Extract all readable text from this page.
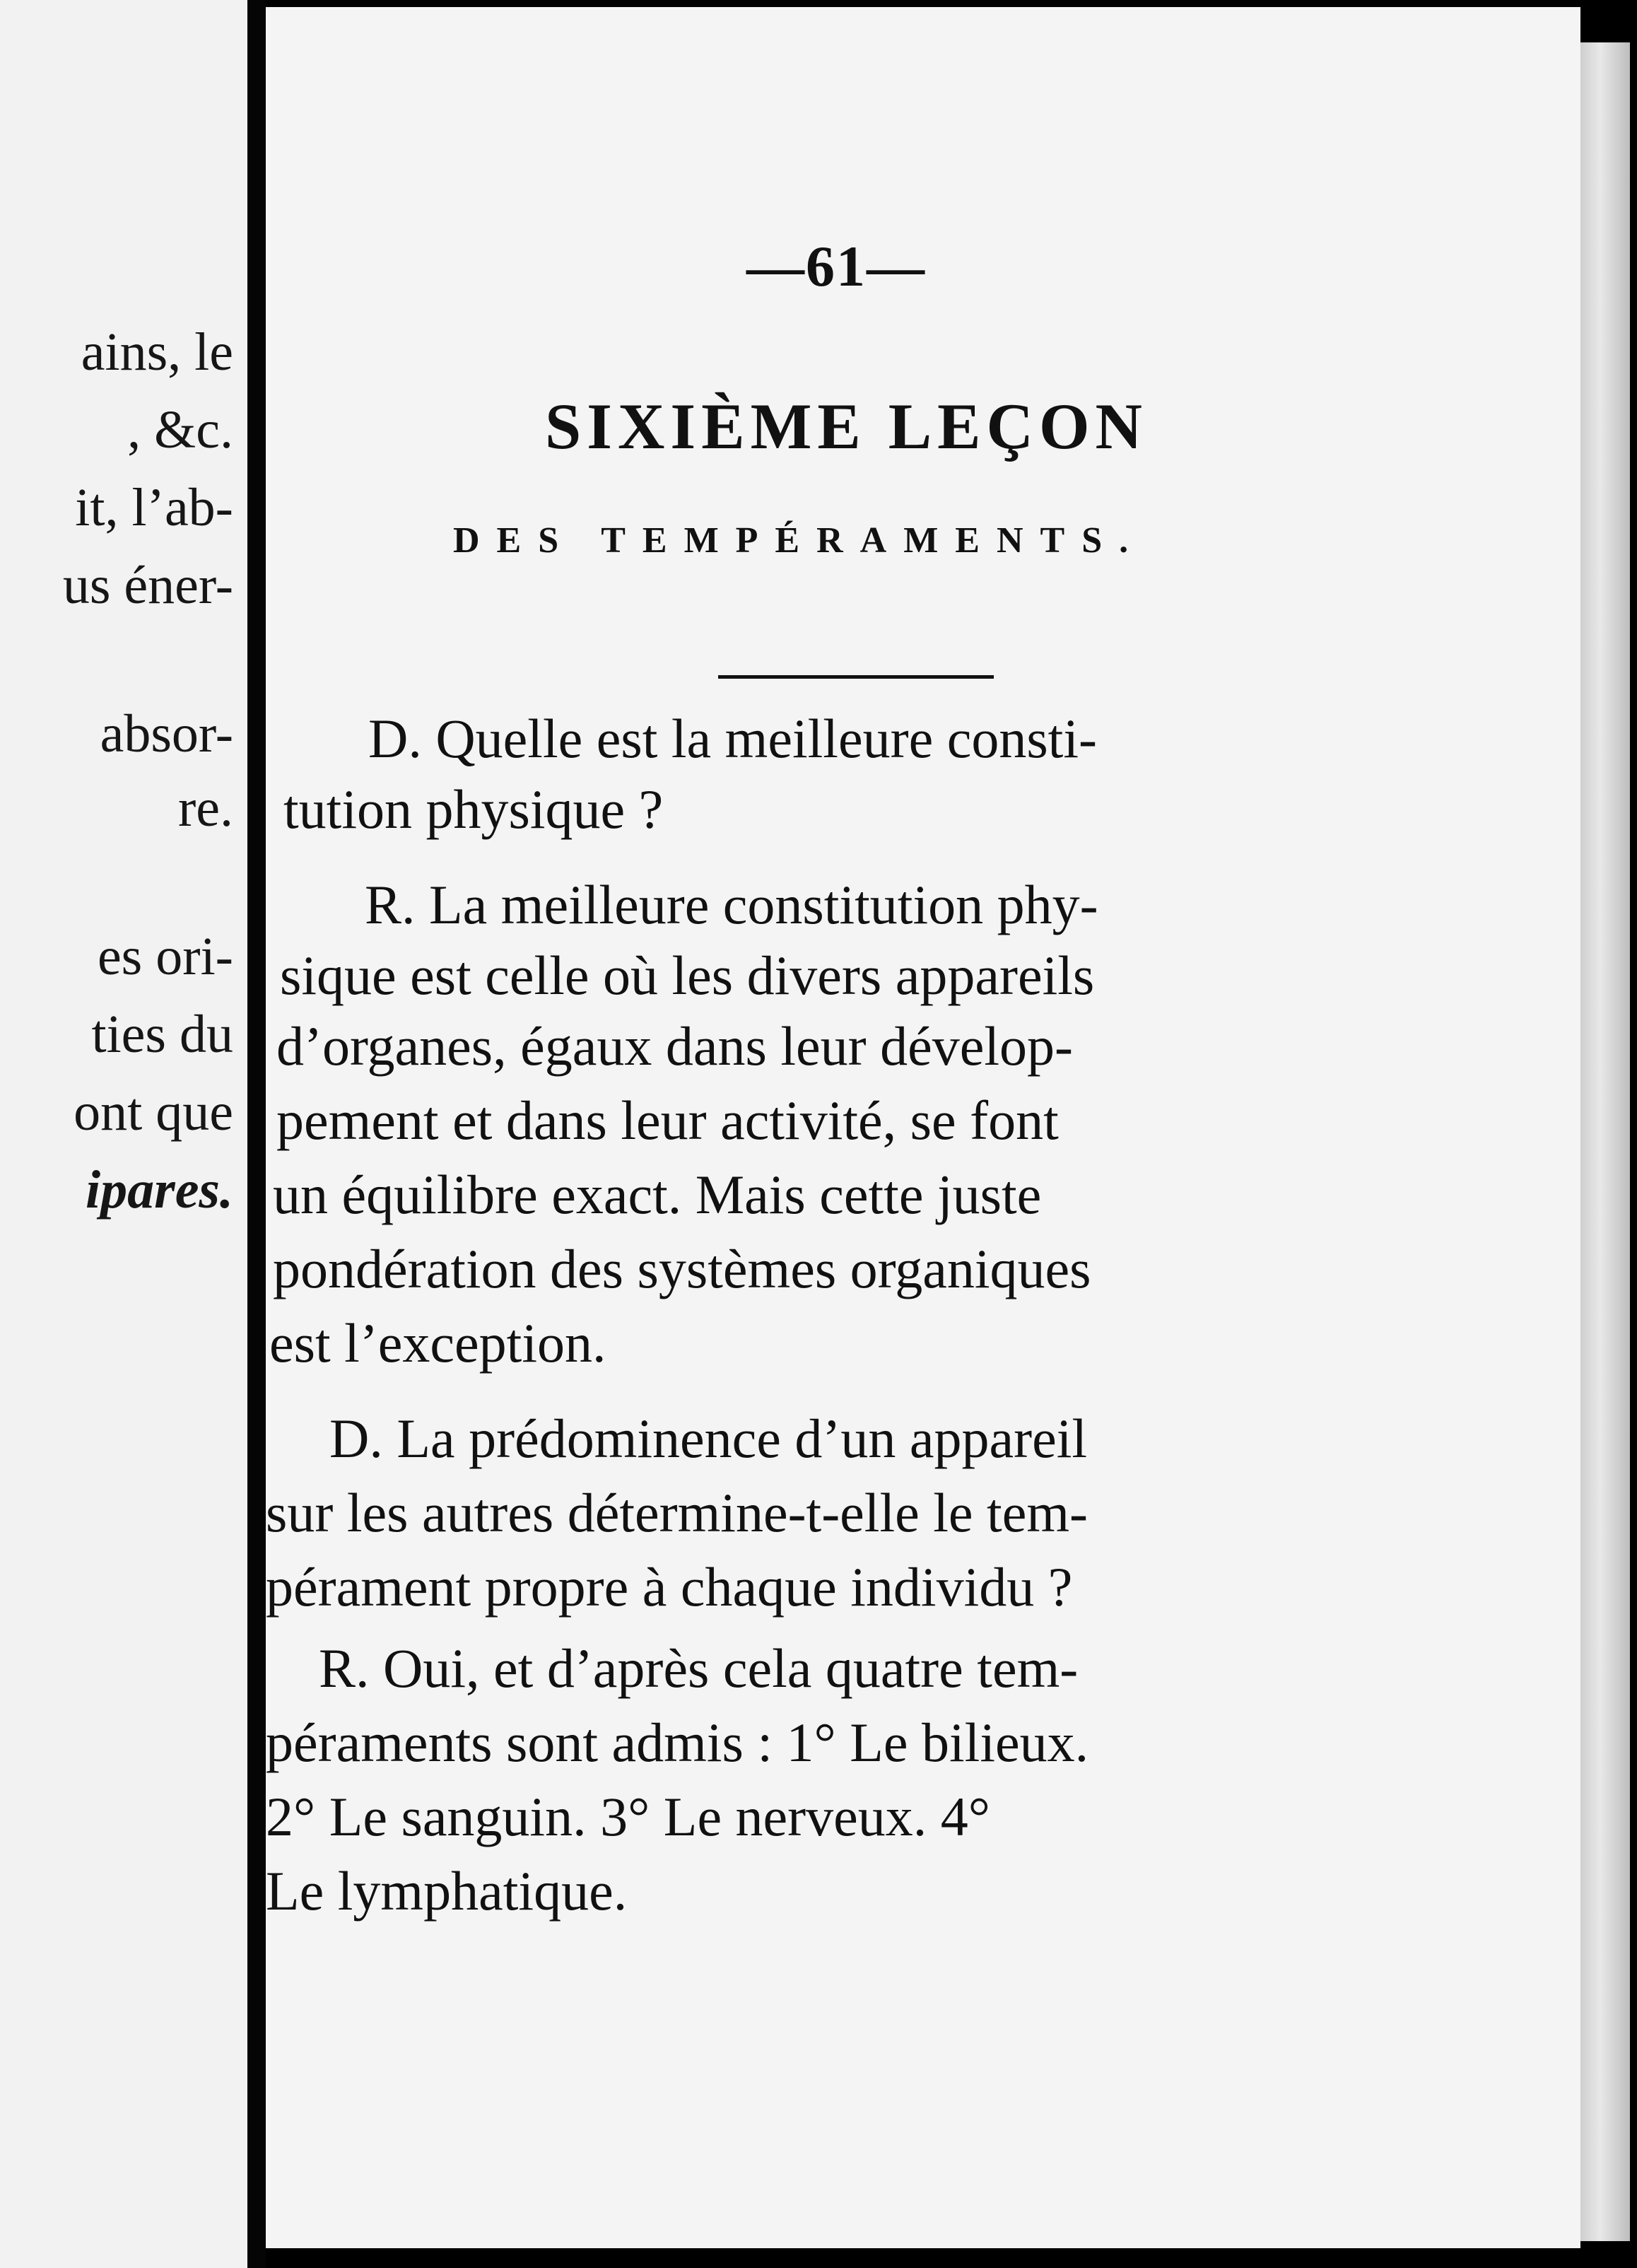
ains, le
, &c.
it, l’ab-
us éner-
absor-
re.
es ori-
ties du
ont que
ipares.
—61—
SIXIÈME LEÇON
DES TEMPÉRAMENTS.
D. Quelle est la meilleure consti-
tution physique ?
R. La meilleure constitution phy-
sique est celle où les divers appareils
d’organes, égaux dans leur dévelop-
pement et dans leur activité, se font
un équilibre exact. Mais cette juste
pondération des systèmes organiques
est l’exception.
D. La prédominence d’un appareil
sur les autres détermine-t-elle le tem-
pérament propre à chaque individu ?
R. Oui, et d’après cela quatre tem-
péraments sont admis : 1° Le bilieux.
2° Le sanguin. 3° Le nerveux. 4°
Le lymphatique.
